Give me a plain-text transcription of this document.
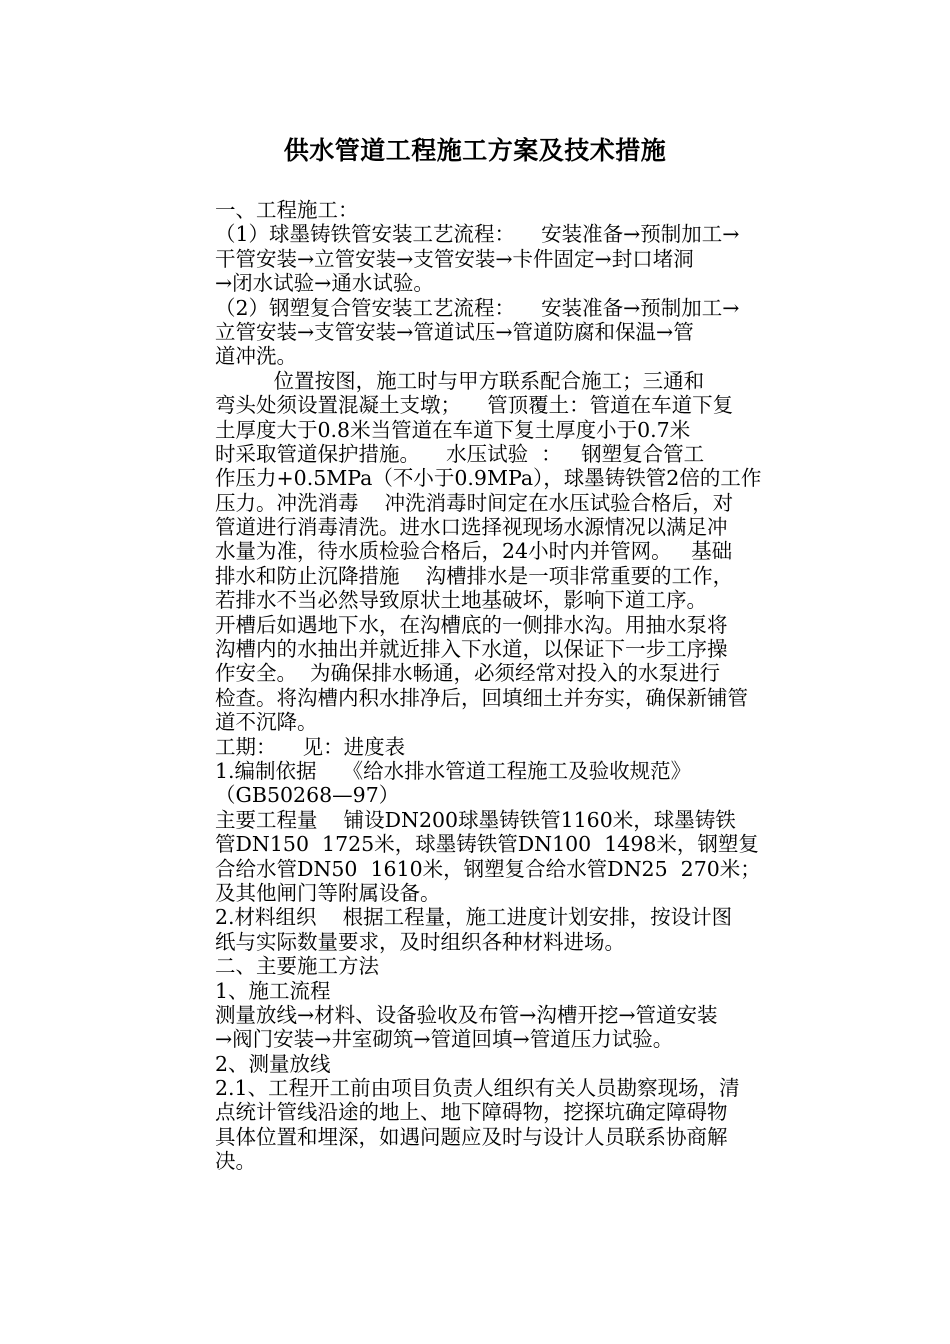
供水管道工程施工方案及技术措施
一、工程施工：
（1）球墨铸铁管安装工艺流程：    安装准备→预制加工→
干管安装→立管安装→支管安装→卡件固定→封口堵洞
→闭水试验→通水试验。
（2）钢塑复合管安装工艺流程：    安装准备→预制加工→
立管安装→支管安装→管道试压→管道防腐和保温→管
道冲洗。
位置按图，施工时与甲方联系配合施工；三通和
弯头处须设置混凝土支墩；    管顶覆土：管道在车道下复
土厚度大于0.8米当管道在车道下复土厚度小于0.7米
时采取管道保护措施。    水压试验  ：   钢塑复合管工
作压力+0.5MPa（不小于0.9MPa），球墨铸铁管2倍的工作
压力。冲洗消毒    冲洗消毒时间定在水压试验合格后，对
管道进行消毒清洗。进水口选择视现场水源情况以满足冲
水量为准，待水质检验合格后，24小时内并管网。   基础
排水和防止沉降措施    沟槽排水是一项非常重要的工作，
若排水不当必然导致原状土地基破坏，影响下道工序。
开槽后如遇地下水，在沟槽底的一侧排水沟。用抽水泵将
沟槽内的水抽出并就近排入下水道，以保证下一步工序操
作安全。  为确保排水畅通，必须经常对投入的水泵进行
检查。将沟槽内积水排净后，回填细土并夯实，确保新铺管
道不沉降。
工期：    见：进度表
1.编制依据    《给水排水管道工程施工及验收规范》
（GB50268—97）
主要工程量    铺设DN200球墨铸铁管1160米，球墨铸铁
管DN150  1725米，球墨铸铁管DN100  1498米，钢塑复
合给水管DN50  1610米，钢塑复合给水管DN25  270米；
及其他闸门等附属设备。
2.材料组织    根据工程量，施工进度计划安排，按设计图
纸与实际数量要求，及时组织各种材料进场。
二、主要施工方法
1、施工流程
测量放线→材料、设备验收及布管→沟槽开挖→管道安装
→阀门安装→井室砌筑→管道回填→管道压力试验。
2、测量放线
2.1、工程开工前由项目负责人组织有关人员勘察现场，清
点统计管线沿途的地上、地下障碍物，挖探坑确定障碍物
具体位置和埋深，如遇问题应及时与设计人员联系协商解
决。
